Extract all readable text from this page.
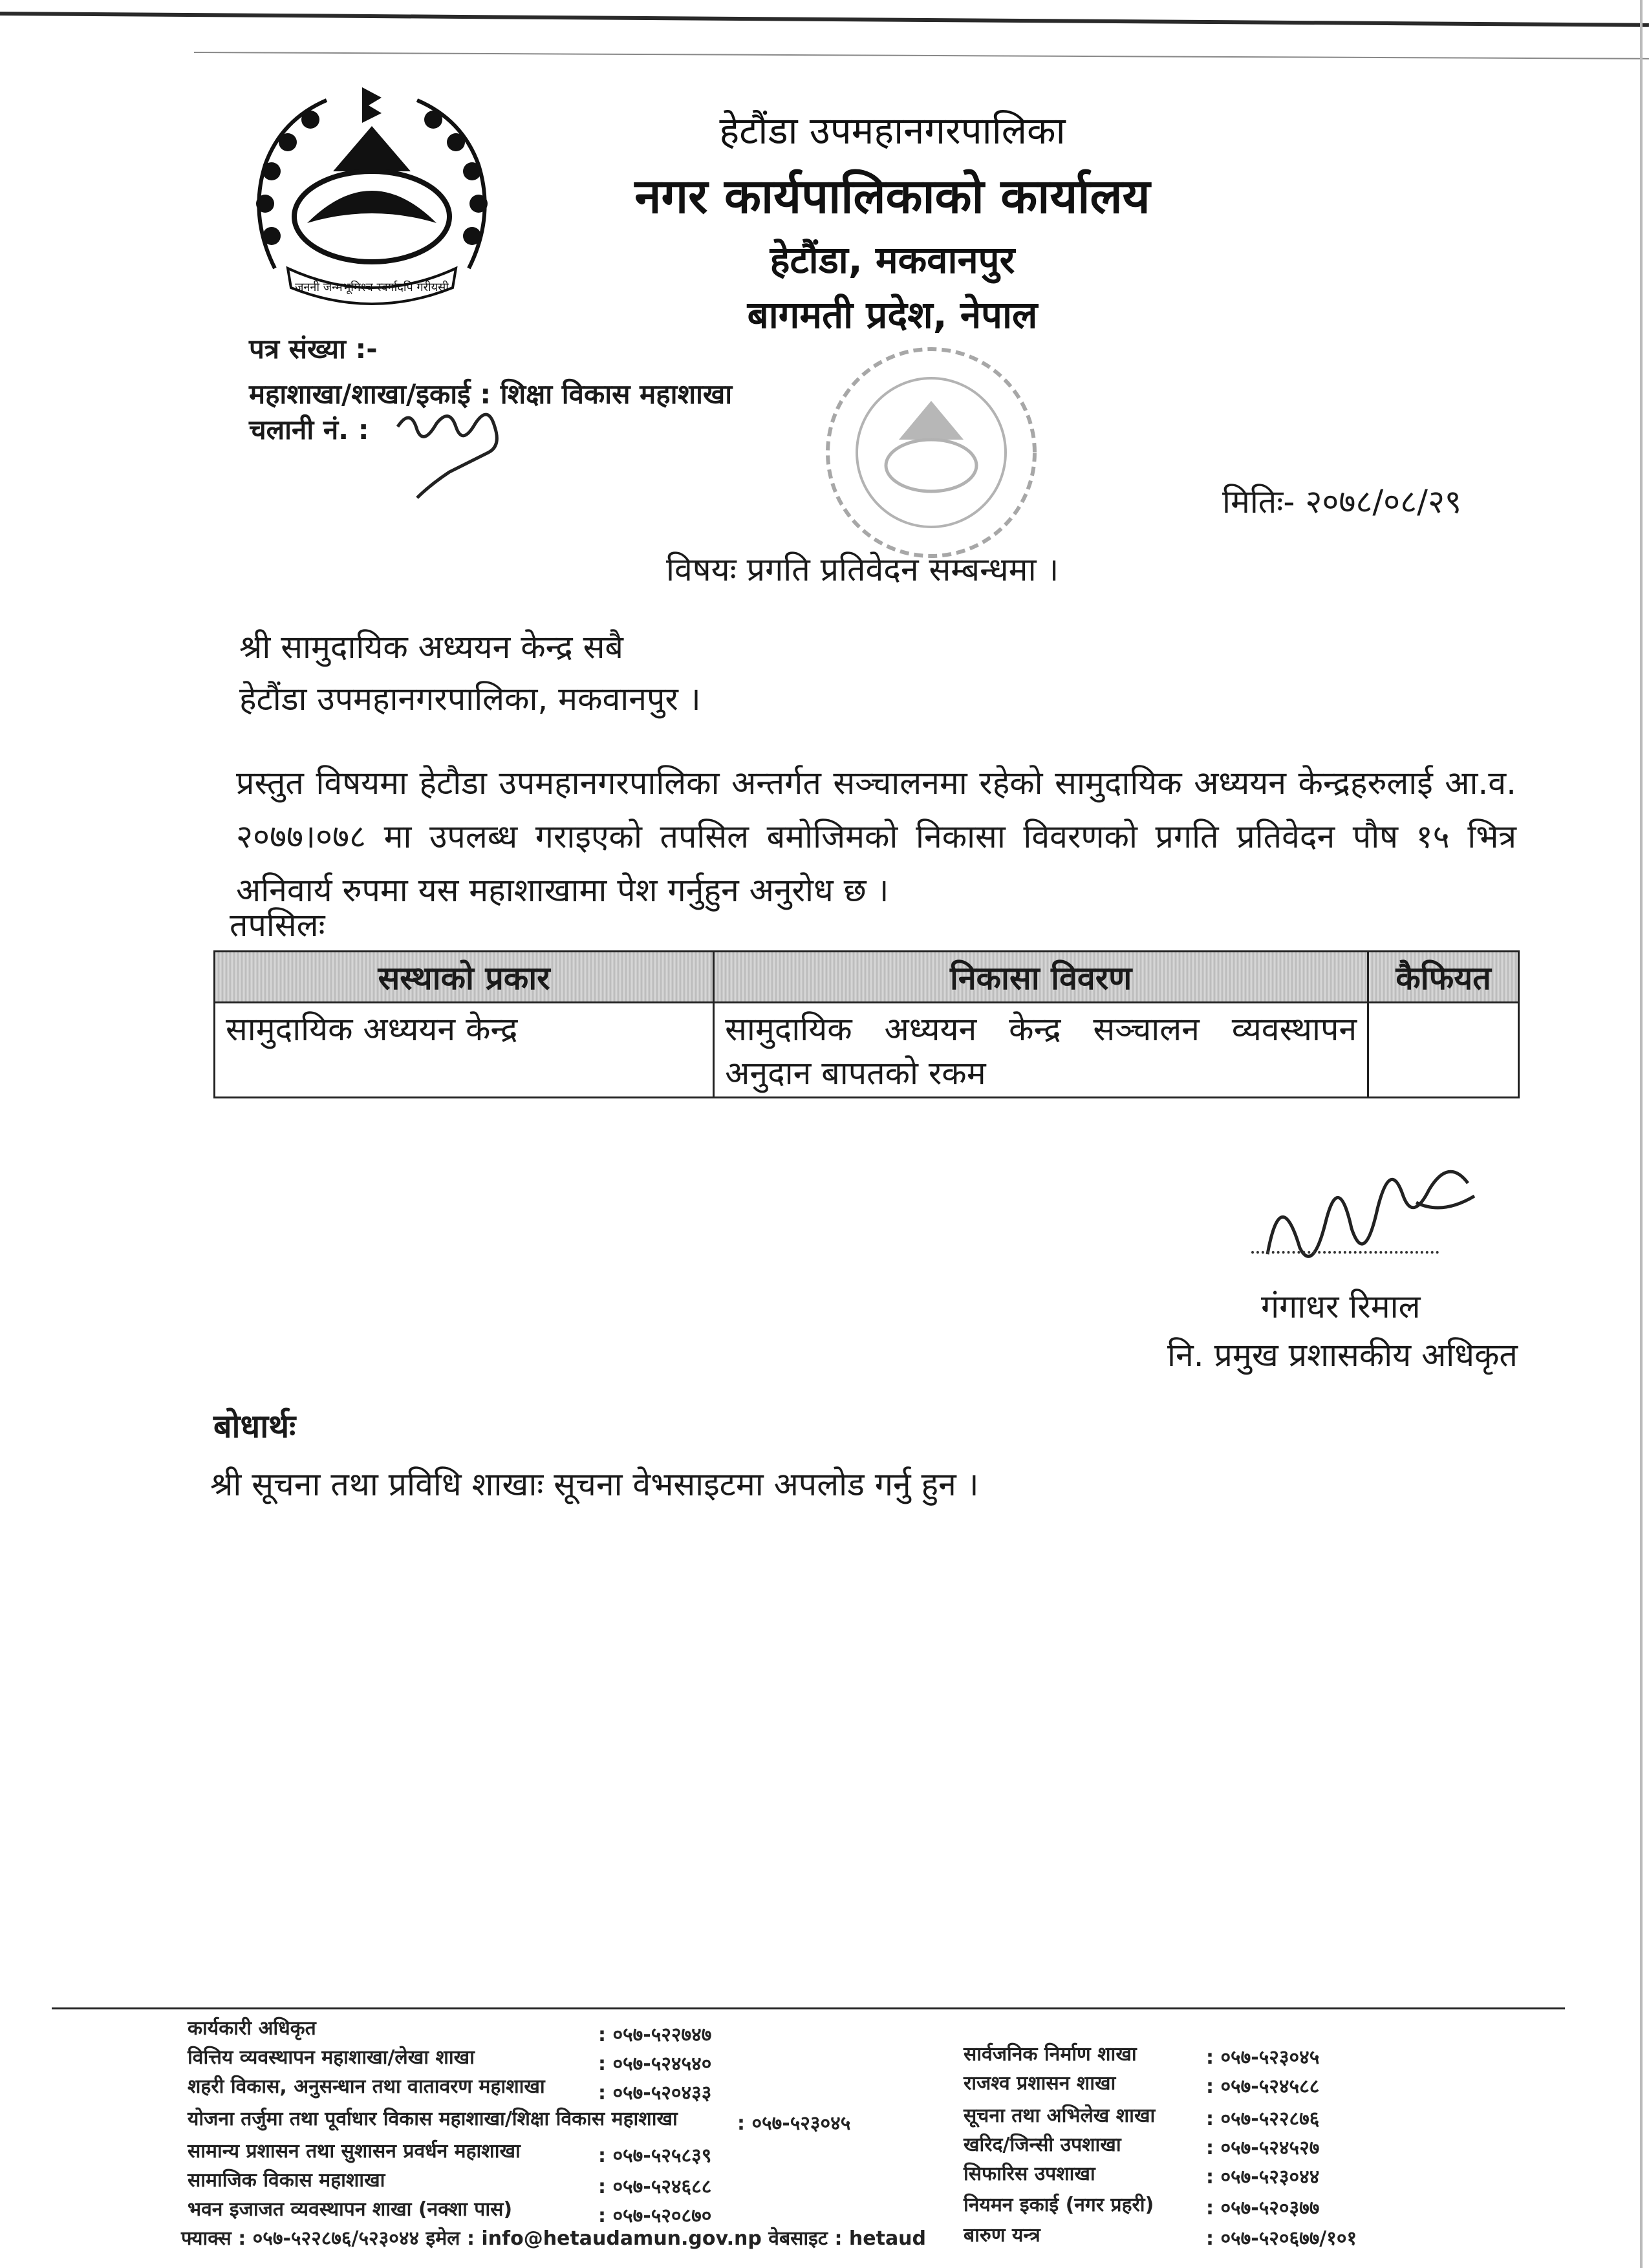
जननी जन्मभूमिश्च स्वर्गादपि गरीयसी
हेटौंडा उपमहानगरपालिका
नगर कार्यपालिकाको कार्यालय
हेटौंडा, मकवानपुर
बागमती प्रदेश, नेपाल
पत्र संख्या :-
महाशाखा/शाखा/इकाई : शिक्षा विकास महाशाखा
चलानी नं. :
मितिः- २०७८/०८/२९
विषयः प्रगति प्रतिवेदन सम्बन्धमा ।
श्री सामुदायिक अध्ययन केन्द्र सबै
हेटौंडा उपमहानगरपालिका, मकवानपुर ।
प्रस्तुत विषयमा हेटौडा उपमहानगरपालिका अन्तर्गत सञ्चालनमा रहेको सामुदायिक अध्ययन केन्द्रहरुलाई आ.व. २०७७।०७८ मा उपलब्ध गराइएको तपसिल बमोजिमको निकासा विवरणको प्रगति प्रतिवेदन पौष १५ भित्र अनिवार्य रुपमा यस महाशाखामा पेश गर्नुहुन अनुरोध छ ।
तपसिलः
सस्थाको प्रकार	निकासा विवरण	कैफियत
सामुदायिक अध्ययन केन्द्र	सामुदायिक अध्ययन केन्द्र सञ्चालन व्यवस्थापन अनुदान बापतको रकम	
गंगाधर रिमाल
नि. प्रमुख प्रशासकीय अधिकृत
बोधार्थः
श्री सूचना तथा प्रविधि शाखाः सूचना वेभसाइटमा अपलोड गर्नु हुन ।
कार्यकारी अधिकृत	: ०५७-५२२७४७
वित्तिय व्यवस्थापन महाशाखा/लेखा शाखा	: ०५७-५२४५४०
शहरी विकास, अनुसन्धान तथा वातावरण महाशाखा	: ०५७-५२०४३३
योजना तर्जुमा तथा पूर्वाधार विकास महाशाखा/शिक्षा विकास महाशाखा	: ०५७-५२३०४५
सामान्य प्रशासन तथा सुशासन प्रवर्धन महाशाखा	: ०५७-५२५८३९
सामाजिक विकास महाशाखा	: ०५७-५२४६८८
भवन इजाजत व्यवस्थापन शाखा (नक्शा पास)	: ०५७-५२०८७०
सार्वजनिक निर्माण शाखा	: ०५७-५२३०४५
राजश्व प्रशासन शाखा	: ०५७-५२४५८८
सूचना तथा अभिलेख शाखा	: ०५७-५२२८७६
खरिद/जिन्सी उपशाखा	: ०५७-५२४५२७
सिफारिस उपशाखा	: ०५७-५२३०४४
नियमन इकाई (नगर प्रहरी)	: ०५७-५२०३७७
बारुण यन्त्र	: ०५७-५२०६७७/१०१
फ्याक्स : ०५७-५२२८७६/५२३०४४ इमेल : info@hetaudamun.gov.np वेबसाइट : hetaud
